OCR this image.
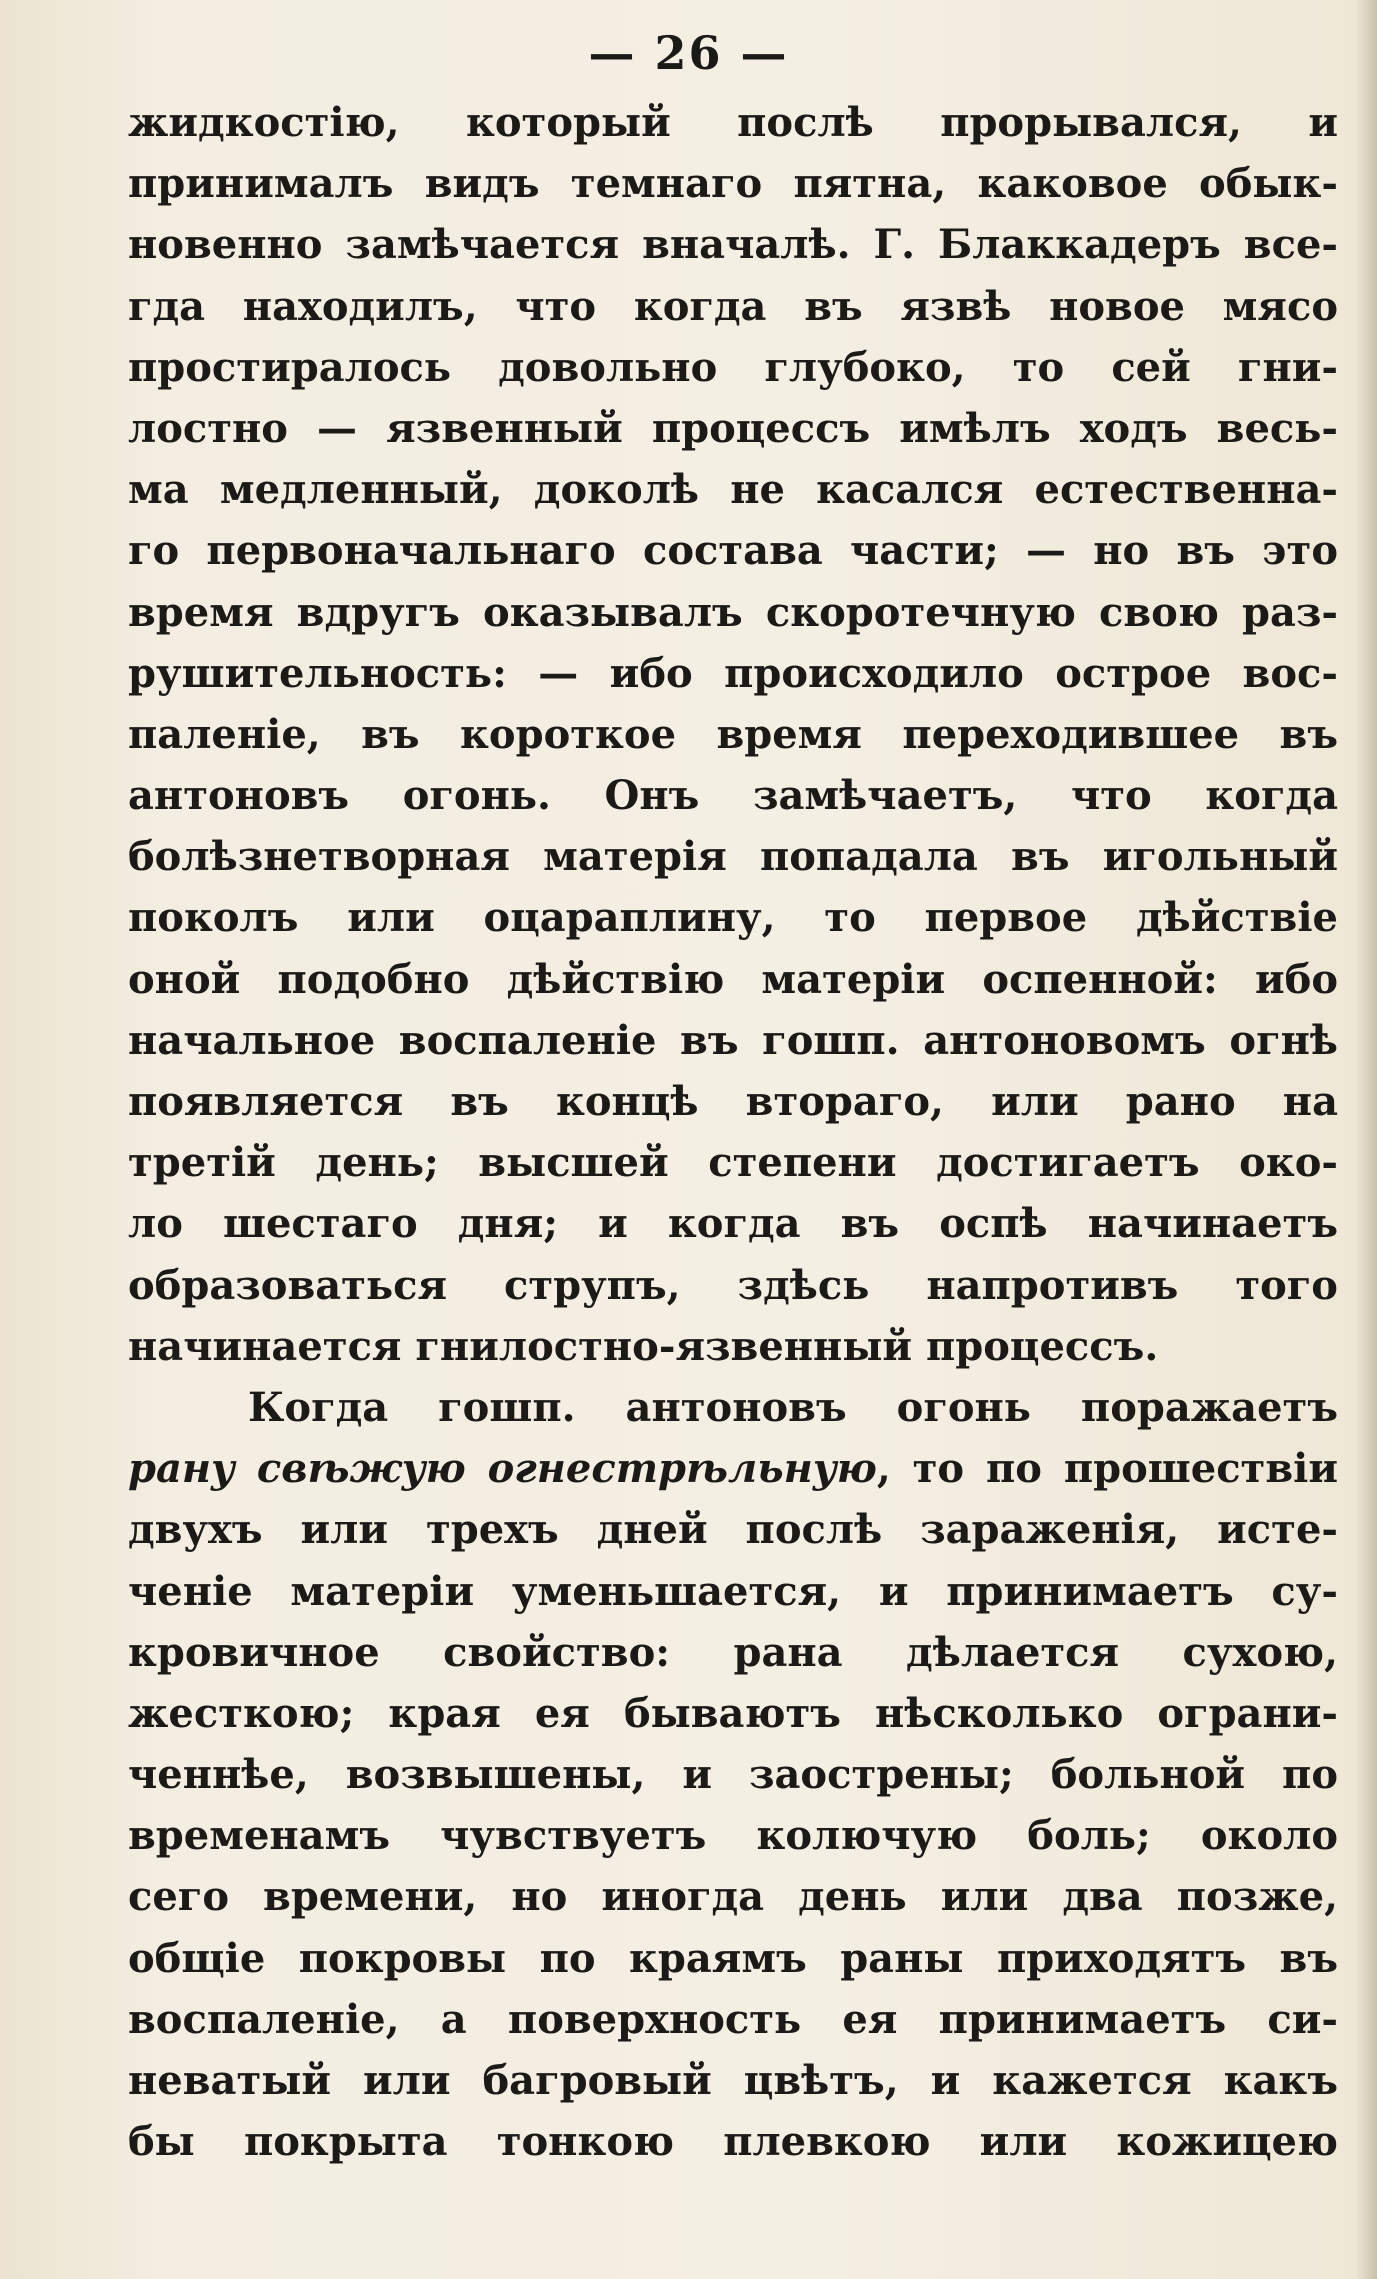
— 26 —
жидкостію, который послѣ прорывался, и
принималъ видъ темнаго пятна, каковое обык-
новенно замѣчается вначалѣ. Г. Блаккадеръ все-
гда находилъ, что когда въ язвѣ новое мясо
простиралось довольно глубоко, то сей гни-
лостно — язвенный процессъ имѣлъ ходъ весь-
ма медленный, доколѣ не касался естественна-
го первоначальнаго состава части; — но въ это
время вдругъ оказывалъ скоротечную свою раз-
рушительность: — ибо происходило острое вос-
паленіе, въ короткое время переходившее въ
антоновъ огонь. Онъ замѣчаетъ, что когда
болѣзнетворная матерія попадала въ игольный
поколъ или оцараплину, то первое дѣйствіе
оной подобно дѣйствію матеріи оспенной: ибо
начальное воспаленіе въ гошп. антоновомъ огнѣ
появляется въ концѣ втораго, или рано на
третій день; высшей степени достигаетъ око-
ло шестаго дня; и когда въ оспѣ начинаетъ
образоваться струпъ, здѣсь напротивъ того
начинается гнилостно-язвенный процессъ.
Когда гошп. антоновъ огонь поражаетъ
рану свѣжую огнестрѣльную, то по прошествіи
двухъ или трехъ дней послѣ зараженія, исте-
ченіе матеріи уменьшается, и принимаетъ су-
кровичное свойство: рана дѣлается сухою,
жесткою; края ея бываютъ нѣсколько ограни-
ченнѣе, возвышены, и заострены; больной по
временамъ чувствуетъ колючую боль; около
сего времени, но иногда день или два позже,
общіе покровы по краямъ раны приходятъ въ
воспаленіе, а поверхность ея принимаетъ си-
неватый или багровый цвѣтъ, и кажется какъ
бы покрыта тонкою плевкою или кожицею
